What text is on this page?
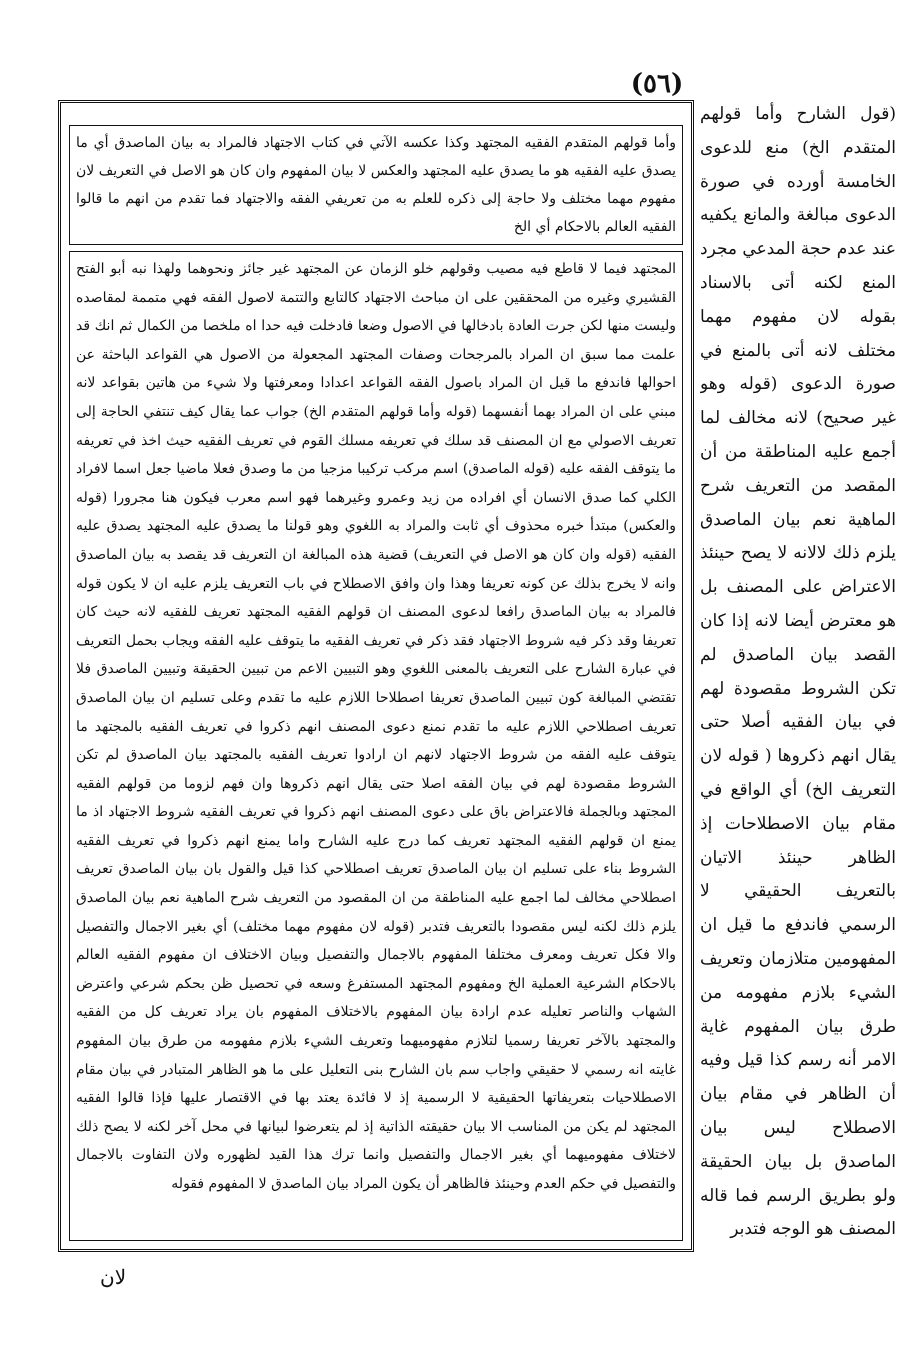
(٥٦)
(قول الشارح وأما قولهم المتقدم الخ) منع للدعوى الخامسة أورده في صورة الدعوى مبالغة والمانع يكفيه عند عدم حجة المدعي مجرد المنع لكنه أتى بالاسناد بقوله لان مفهوم مهما مختلف لانه أتى بالمنع في صورة الدعوى (قوله وهو غير صحيح) لانه مخالف لما أجمع عليه المناطقة من أن المقصد من التعريف شرح الماهية نعم بيان الماصدق يلزم ذلك لالانه لا يصح حينئذ الاعتراض على المصنف بل هو معترض أيضا لانه إذا كان القصد بيان الماصدق لم تكن الشروط مقصودة لهم في بيان الفقيه أصلا حتى يقال انهم ذكروها ( قوله لان التعريف الخ) أي الواقع في مقام بيان الاصطلاحات إذ الظاهر حينئذ الاتيان بالتعريف الحقيقي لا الرسمي فاندفع ما قيل ان المفهومين متلازمان وتعريف الشيء بلازم مفهومه من طرق بيان المفهوم غاية الامر أنه رسم كذا قيل وفيه أن الظاهر في مقام بيان الاصطلاح ليس بيان الماصدق بل بيان الحقيقة ولو بطريق الرسم فما قاله المصنف هو الوجه فتدبر
وأما قولهم المتقدم الفقيه المجتهد وكذا عكسه الآتي في كتاب الاجتهاد فالمراد به بيان الماصدق أي ما يصدق عليه الفقيه هو ما يصدق عليه المجتهد والعكس لا بيان المفهوم وان كان هو الاصل في التعريف لان مفهوم مهما مختلف ولا حاجة إلى ذكره للعلم به من تعريفي الفقه والاجتهاد فما تقدم من انهم ما قالوا الفقيه العالم بالاحكام أي الخ
المجتهد فيما لا قاطع فيه مصيب وقولهم خلو الزمان عن المجتهد غير جائز ونحوهما ولهذا نبه أبو الفتح القشيري وغيره من المحققين على ان مباحث الاجتهاد كالتابع والتتمة لاصول الفقه فهي متممة لمقاصده وليست منها لكن جرت العادة بادخالها في الاصول وضعا فادخلت فيه حدا اه ملخصا من الكمال ثم انك قد علمت مما سبق ان المراد بالمرجحات وصفات المجتهد المجعولة من الاصول هي القواعد الباحثة عن احوالها فاندفع ما قيل ان المراد باصول الفقه القواعد اعدادا ومعرفتها ولا شيء من هاتين بقواعد لانه مبني على ان المراد بهما أنفسهما (قوله وأما قولهم المتقدم الخ) جواب عما يقال كيف تنتفي الحاجة إلى تعريف الاصولي مع ان المصنف قد سلك في تعريفه مسلك القوم في تعريف الفقيه حيث اخذ في تعريفه ما يتوقف الفقه عليه (قوله الماصدق) اسم مركب تركيبا مزجيا من ما وصدق فعلا ماضيا جعل اسما لافراد الكلي كما صدق الانسان أي افراده من زيد وعمرو وغيرهما فهو اسم معرب فيكون هنا مجرورا (قوله والعكس) مبتدأ خبره محذوف أي ثابت والمراد به اللغوي وهو قولنا ما يصدق عليه المجتهد يصدق عليه الفقيه (قوله وان كان هو الاصل في التعريف) قضية هذه المبالغة ان التعريف قد يقصد به بيان الماصدق وانه لا يخرج بذلك عن كونه تعريفا وهذا وان وافق الاصطلاح في باب التعريف يلزم عليه ان لا يكون قوله فالمراد به بيان الماصدق رافعا لدعوى المصنف ان قولهم الفقيه المجتهد تعريف للفقيه لانه حيث كان تعريفا وقد ذكر فيه شروط الاجتهاد فقد ذكر في تعريف الفقيه ما يتوقف عليه الفقه ويجاب بحمل التعريف في عبارة الشارح على التعريف بالمعنى اللغوي وهو التبيين الاعم من تبيين الحقيقة وتبيين الماصدق فلا تقتضي المبالغة كون تبيين الماصدق تعريفا اصطلاحا اللازم عليه ما تقدم وعلى تسليم ان بيان الماصدق تعريف اصطلاحي اللازم عليه ما تقدم نمنع دعوى المصنف انهم ذكروا في تعريف الفقيه بالمجتهد ما يتوقف عليه الفقه من شروط الاجتهاد لانهم ان ارادوا تعريف الفقيه بالمجتهد بيان الماصدق لم تكن الشروط مقصودة لهم في بيان الفقه اصلا حتى يقال انهم ذكروها وان فهم لزوما من قولهم الفقيه المجتهد وبالجملة فالاعتراض باق على دعوى المصنف انهم ذكروا في تعريف الفقيه شروط الاجتهاد اذ ما يمنع ان قولهم الفقيه المجتهد تعريف كما درج عليه الشارح واما يمنع انهم ذكروا في تعريف الفقيه الشروط بناء على تسليم ان بيان الماصدق تعريف اصطلاحي كذا قيل والقول بان بيان الماصدق تعريف اصطلاحي مخالف لما اجمع عليه المناطقة من ان المقصود من التعريف شرح الماهية نعم بيان الماصدق يلزم ذلك لكنه ليس مقصودا بالتعريف فتدبر (قوله لان مفهوم مهما مختلف) أي بغير الاجمال والتفصيل والا فكل تعريف ومعرف مختلفا المفهوم بالاجمال والتفصيل وبيان الاختلاف ان مفهوم الفقيه العالم بالاحكام الشرعية العملية الخ ومفهوم المجتهد المستفرغ وسعه في تحصيل ظن بحكم شرعي واعترض الشهاب والناصر تعليله عدم ارادة بيان المفهوم بالاختلاف المفهوم بان يراد تعريف كل من الفقيه والمجتهد بالآخر تعريفا رسميا لتلازم مفهوميهما وتعريف الشيء بلازم مفهومه من طرق بيان المفهوم غايته انه رسمي لا حقيقي واجاب سم بان الشارح بنى التعليل على ما هو الظاهر المتبادر في بيان مقام الاصطلاحيات بتعريفاتها الحقيقية لا الرسمية إذ لا فائدة يعتد بها في الاقتصار عليها فإذا قالوا الفقيه المجتهد لم يكن من المناسب الا بيان حقيقته الذاتية إذ لم يتعرضوا لبيانها في محل آخر لكنه لا يصح ذلك لاختلاف مفهوميهما أي بغير الاجمال والتفصيل وانما ترك هذا القيد لظهوره ولان التفاوت بالاجمال والتفصيل في حكم العدم وحينئذ فالظاهر أن يكون المراد بيان الماصدق لا المفهوم فقوله
لان
